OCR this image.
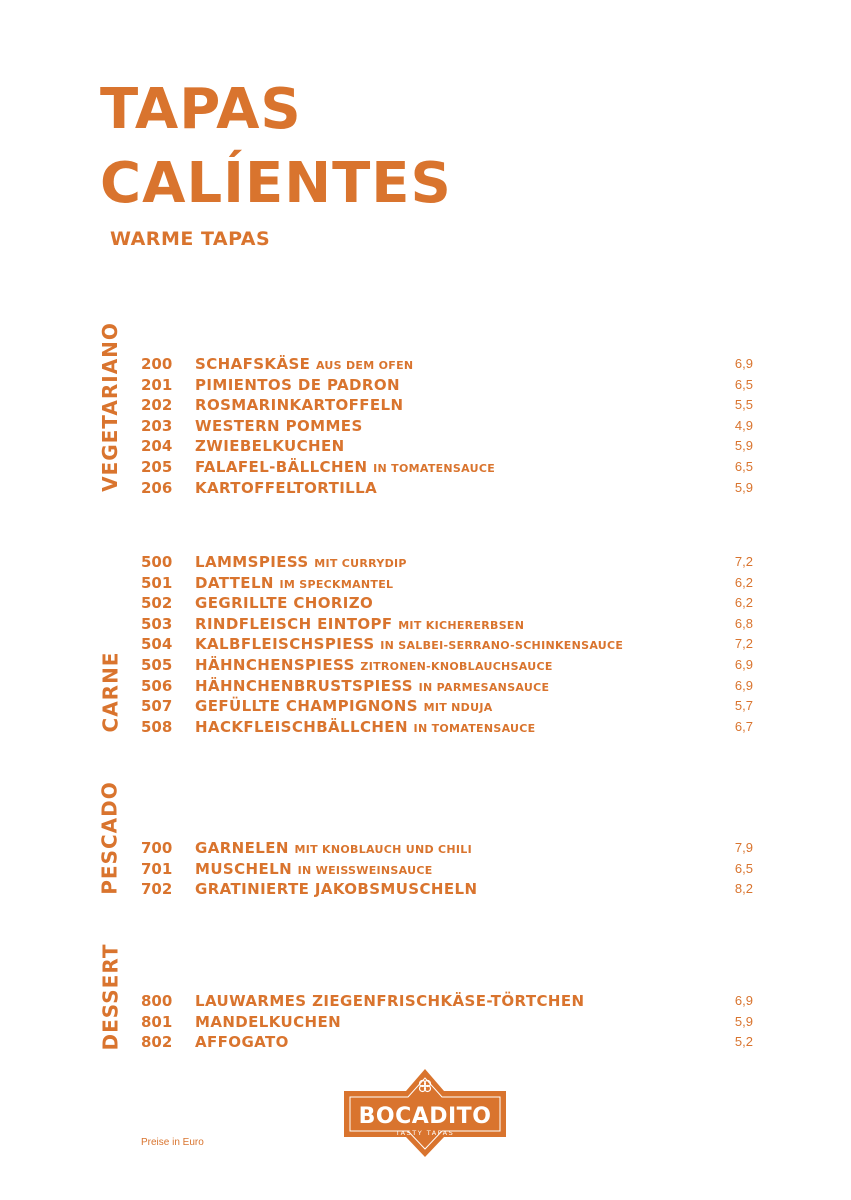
TAPAS
CALÍENTES
WARME TAPAS
VEGETARIANO 200 SCHAFSKÄSE AUS DEM OFEN	6,9
201 PIMIENTOS DE PADRON	6,5
202 ROSMARINKARTOFFELN	5,5
203 WESTERN POMMES	4,9
204 ZWIEBELKUCHEN	5,9
205 FALAFEL-BÄLLCHEN IN TOMATENSAUCE	6,5
206 KARTOFFELTORTILLA	5,9
CARNE
500 LAMMSPIESS MIT CURRYDIP	7,2
501 DATTELN IM SPECKMANTEL	6,2
502 GEGRILLTE CHORIZO	6,2
503 RINDFLEISCH EINTOPF MIT KICHERERBSEN	6,8
504 KALBFLEISCHSPIESS IN SALBEI-SERRANO-SCHINKENSAUCE	7,2
505 HÄHNCHENSPIESS ZITRONEN-KNOBLAUCHSAUCE	6,9
506 HÄHNCHENBRUSTSPIESS IN PARMESANSAUCE	6,9
507 GEFÜLLTE CHAMPIGNONS MIT NDUJA	5,7
508 HACKFLEISCHBÄLLCHEN IN TOMATENSAUCE	6,7
PESCADO 700 GARNELEN MIT KNOBLAUCH UND CHILI	7,9
701 MUSCHELN IN WEISSWEINSAUCE	6,5
702 GRATINIERTE JAKOBSMUSCHELN	8,2
DESSERT 800 LAUWARMES ZIEGENFRISCHKÄSE-TÖRTCHEN	6,9
801 MANDELKUCHEN	5,9
802 AFFOGATO	5,2
Preise in Euro
BOCADITO
TASTY TAPAS
